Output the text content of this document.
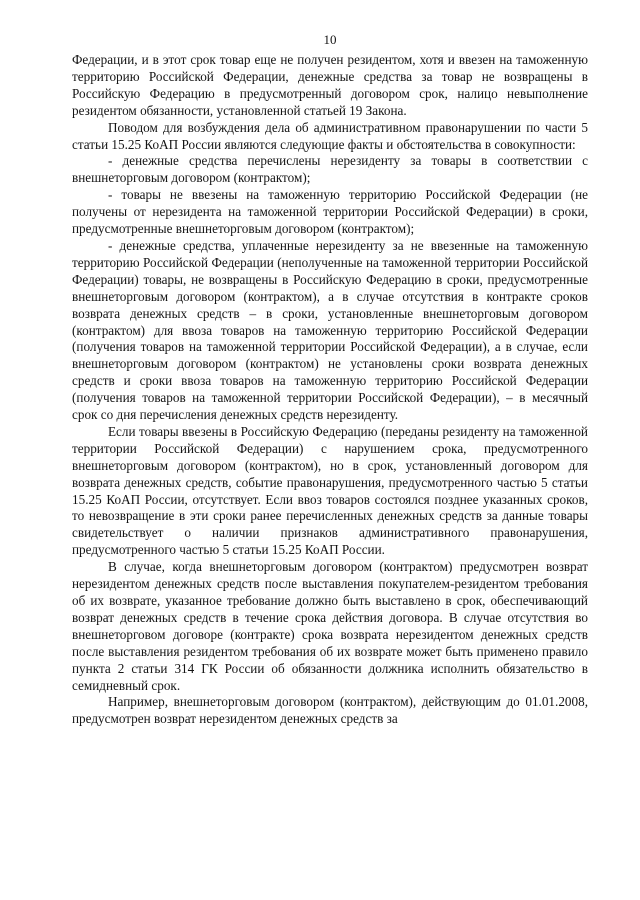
10

Федерации, и в этот срок товар еще не получен резидентом, хотя и ввезен на таможенную территорию Российской Федерации, денежные средства за товар не возвращены в Российскую Федерацию в предусмотренный договором срок, налицо невыполнение резидентом обязанности, установленной статьей 19 Закона.

Поводом для возбуждения дела об административном правонарушении по части 5 статьи 15.25 КоАП России являются следующие факты и обстоятельства в совокупности:

- денежные средства перечислены нерезиденту за товары в соответствии с внешнеторговым договором (контрактом);

- товары не ввезены на таможенную территорию Российской Федерации (не получены от нерезидента на таможенной территории Российской Федерации) в сроки, предусмотренные внешнеторговым договором (контрактом);

- денежные средства, уплаченные нерезиденту за не ввезенные на таможенную территорию Российской Федерации (неполученные на таможенной территории Российской Федерации) товары, не возвращены в Российскую Федерацию в сроки, предусмотренные внешнеторговым договором (контрактом), а в случае отсутствия в контракте сроков возврата денежных средств – в сроки, установленные внешнеторговым договором (контрактом) для ввоза товаров на таможенную территорию Российской Федерации (получения товаров на таможенной территории Российской Федерации), а в случае, если внешнеторговым договором (контрактом) не установлены сроки возврата денежных средств и сроки ввоза товаров на таможенную территорию Российской Федерации (получения товаров на таможенной территории Российской Федерации), – в месячный срок со дня перечисления денежных средств нерезиденту.

Если товары ввезены в Российскую Федерацию (переданы резиденту на таможенной территории Российской Федерации) с нарушением срока, предусмотренного внешнеторговым договором (контрактом), но в срок, установленный договором для возврата денежных средств, событие правонарушения, предусмотренного частью 5 статьи 15.25 КоАП России, отсутствует. Если ввоз товаров состоялся позднее указанных сроков, то невозвращение в эти сроки ранее перечисленных денежных средств за данные товары свидетельствует о наличии признаков административного правонарушения, предусмотренного частью 5 статьи 15.25 КоАП России.

В случае, когда внешнеторговым договором (контрактом) предусмотрен возврат нерезидентом денежных средств после выставления покупателем-резидентом требования об их возврате, указанное требование должно быть выставлено в срок, обеспечивающий возврат денежных средств в течение срока действия договора. В случае отсутствия во внешнеторговом договоре (контракте) срока возврата нерезидентом денежных средств после выставления резидентом требования об их возврате может быть применено правило пункта 2 статьи 314 ГК России об обязанности должника исполнить обязательство в семидневный срок.

Например, внешнеторговым договором (контрактом), действующим до 01.01.2008, предусмотрен возврат нерезидентом денежных средств за
